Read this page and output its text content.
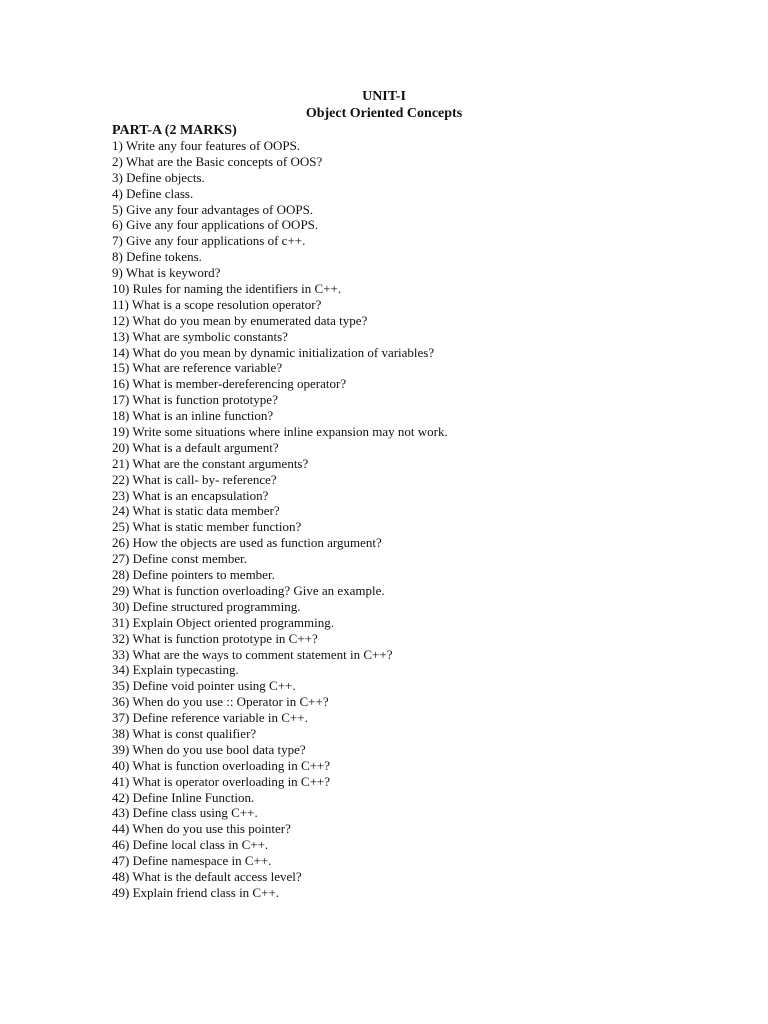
UNIT-I
Object Oriented Concepts
PART-A (2 MARKS)
1) Write any four features of OOPS.
2) What are the Basic concepts of OOS?
3) Define objects.
4) Define class.
5) Give any four advantages of OOPS.
6) Give any four applications of OOPS.
7) Give any four applications of c++.
8) Define tokens.
9) What is keyword?
10) Rules for naming the identifiers in C++.
11) What is a scope resolution operator?
12) What do you mean by enumerated data type?
13) What are symbolic constants?
14) What do you mean by dynamic initialization of variables?
15) What are reference variable?
16) What is member-dereferencing operator?
17) What is function prototype?
18) What is an inline function?
19) Write some situations where inline expansion may not work.
20) What is a default argument?
21) What are the constant arguments?
22) What is call- by- reference?
23) What is an encapsulation?
24) What is static data member?
25) What is static member function?
26) How the objects are used as function argument?
27) Define const member.
28) Define pointers to member.
29) What is function overloading? Give an example.
30) Define structured programming.
31) Explain Object oriented programming.
32) What is function prototype in C++?
33) What are the ways to comment statement in C++?
34) Explain typecasting.
35) Define void pointer using C++.
36) When do you use :: Operator in C++?
37) Define reference variable in C++.
38) What is const qualifier?
39) When do you use bool data type?
40) What is function overloading in C++?
41) What is operator overloading in C++?
42) Define Inline Function.
43) Define class using C++.
44) When do you use this pointer?
46) Define local class in C++.
47) Define namespace in C++.
48) What is the default access level?
49) Explain friend class in C++.
